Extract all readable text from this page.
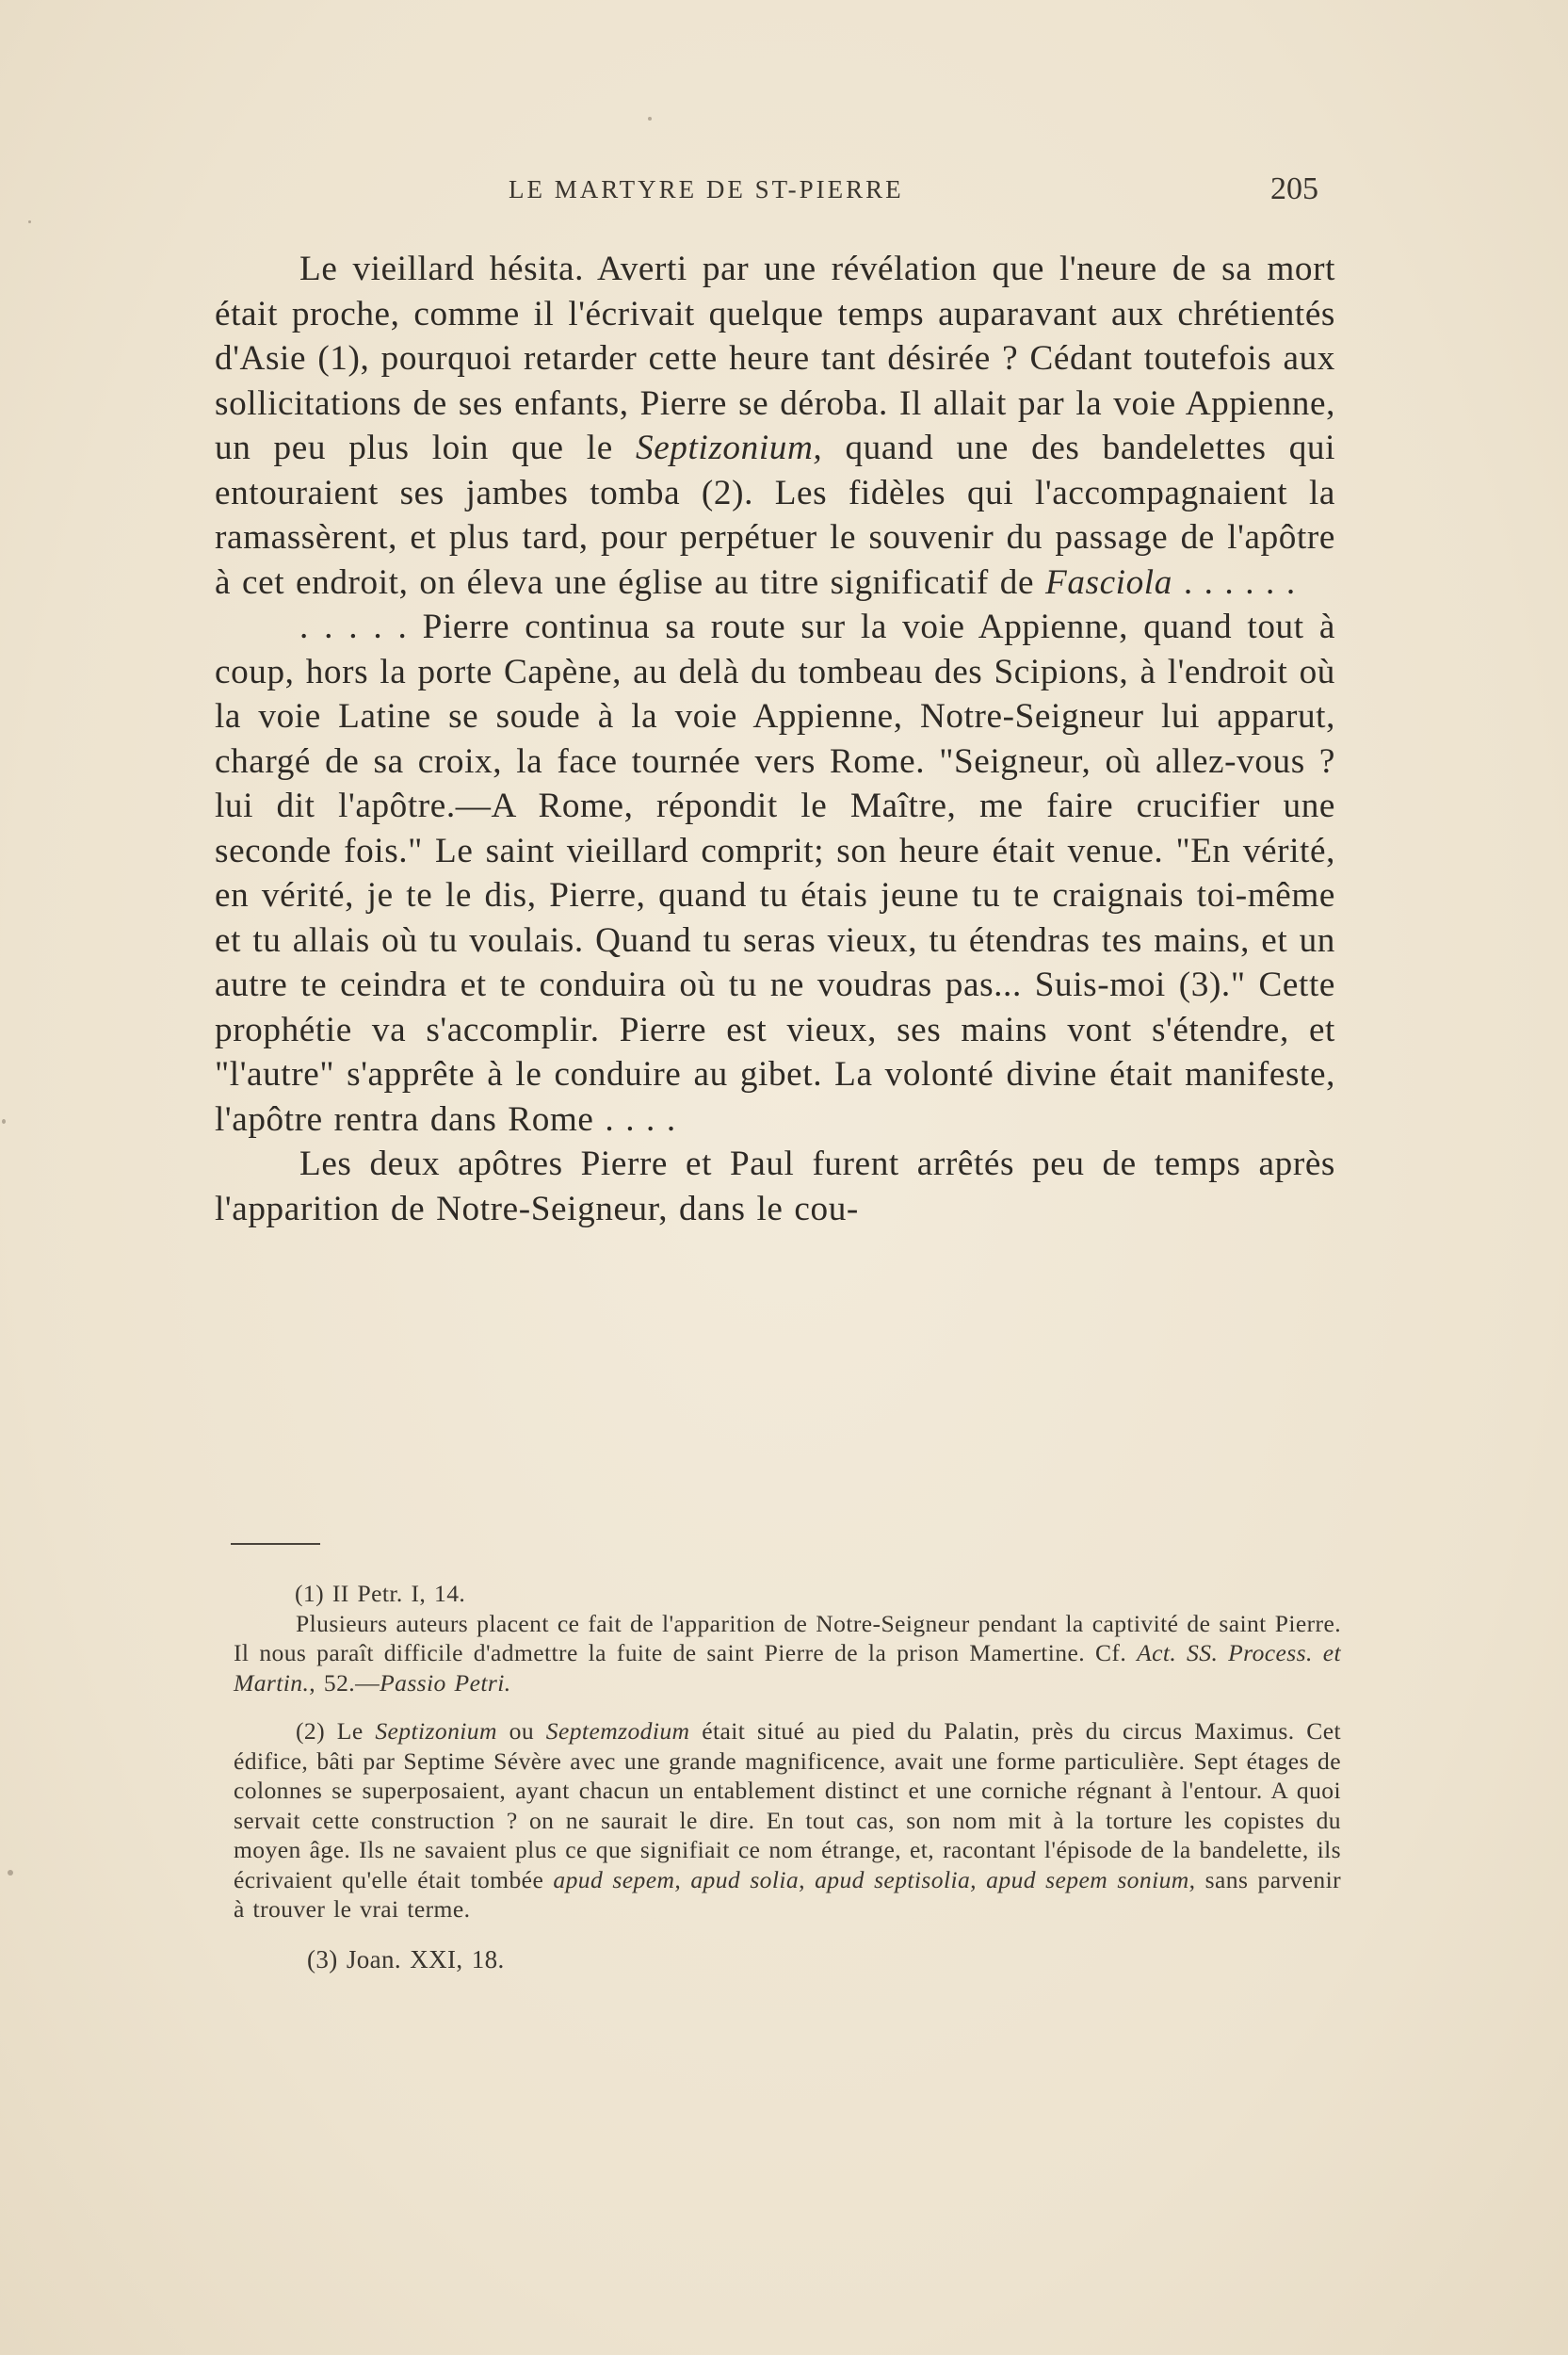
LE MARTYRE DE ST-PIERRE	205

Le vieillard hésita. Averti par une révélation que l'neure de sa mort était proche, comme il l'écrivait quelque temps auparavant aux chrétientés d'Asie (1), pourquoi retarder cette heure tant désirée ? Cédant toutefois aux sollicitations de ses enfants, Pierre se déroba. Il allait par la voie Appienne, un peu plus loin que le Septizonium, quand une des bandelettes qui entouraient ses jambes tomba (2). Les fidèles qui l'accompagnaient la ramassèrent, et plus tard, pour perpétuer le souvenir du passage de l'apôtre à cet endroit, on éleva une église au titre significatif de Fasciola . . . . . .

. . . . . Pierre continua sa route sur la voie Appienne, quand tout à coup, hors la porte Capène, au delà du tombeau des Scipions, à l'endroit où la voie Latine se soude à la voie Appienne, Notre-Seigneur lui apparut, chargé de sa croix, la face tournée vers Rome. "Seigneur, où allez-vous ? lui dit l'apôtre.—A Rome, répondit le Maître, me faire crucifier une seconde fois." Le saint vieillard comprit; son heure était venue. "En vérité, en vérité, je te le dis, Pierre, quand tu étais jeune tu te craignais toi-même et tu allais où tu voulais. Quand tu seras vieux, tu étendras tes mains, et un autre te ceindra et te conduira où tu ne voudras pas... Suis-moi (3)." Cette prophétie va s'accomplir. Pierre est vieux, ses mains vont s'étendre, et "l'autre" s'apprête à le conduire au gibet. La volonté divine était manifeste, l'apôtre rentra dans Rome . . . .

Les deux apôtres Pierre et Paul furent arrêtés peu de temps après l'apparition de Notre-Seigneur, dans le cou-

(1) II Petr. I, 14.

Plusieurs auteurs placent ce fait de l'apparition de Notre-Seigneur pendant la captivité de saint Pierre. Il nous paraît difficile d'admettre la fuite de saint Pierre de la prison Mamertine. Cf. Act. SS. Process. et Martin., 52.—Passio Petri.

(2) Le Septizonium ou Septemzodium était situé au pied du Palatin, près du circus Maximus. Cet édifice, bâti par Septime Sévère avec une grande magnificence, avait une forme particulière. Sept étages de colonnes se superposaient, ayant chacun un entablement distinct et une corniche régnant à l'entour. A quoi servait cette construction ? on ne saurait le dire. En tout cas, son nom mit à la torture les copistes du moyen âge. Ils ne savaient plus ce que signifiait ce nom étrange, et, racontant l'épisode de la bandelette, ils écrivaient qu'elle était tombée apud sepem, apud solia, apud septisolia, apud sepem sonium, sans parvenir à trouver le vrai terme.

(3) Joan. XXI, 18.
